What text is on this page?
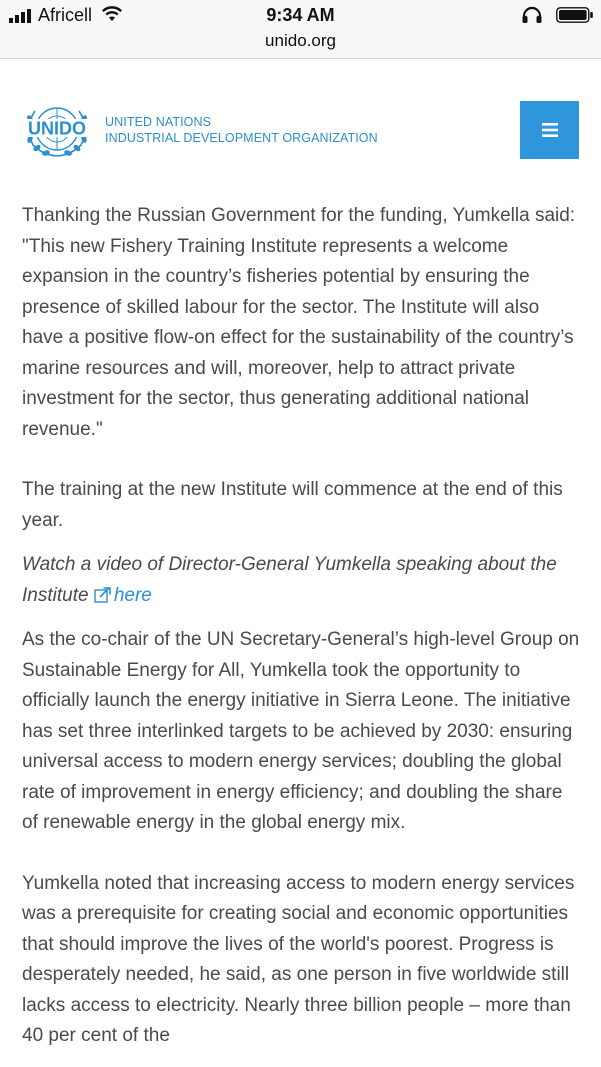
Africell	9:34 AM
unido.org
UNIDO UNITED NATIONS
INDUSTRIAL DEVELOPMENT ORGANIZATION

Thanking the Russian Government for the funding, Yumkella said: "This new Fishery Training Institute represents a welcome expansion in the country’s fisheries potential by ensuring the presence of skilled labour for the sector. The Institute will also have a positive flow-on effect for the sustainability of the country’s marine resources and will, moreover, help to attract private investment for the sector, thus generating additional national revenue."

The training at the new Institute will commence at the end of this year.

Watch a video of Director-General Yumkella speaking about the Institute here

As the co-chair of the UN Secretary-General’s high-level Group on Sustainable Energy for All, Yumkella took the opportunity to officially launch the energy initiative in Sierra Leone. The initiative has set three interlinked targets to be achieved by 2030: ensuring universal access to modern energy services; doubling the global rate of improvement in energy efficiency; and doubling the share of renewable energy in the global energy mix.

Yumkella noted that increasing access to modern energy services was a prerequisite for creating social and economic opportunities that should improve the lives of the world's poorest. Progress is desperately needed, he said, as one person in five worldwide still lacks access to electricity. Nearly three billion people – more than 40 per cent of the
